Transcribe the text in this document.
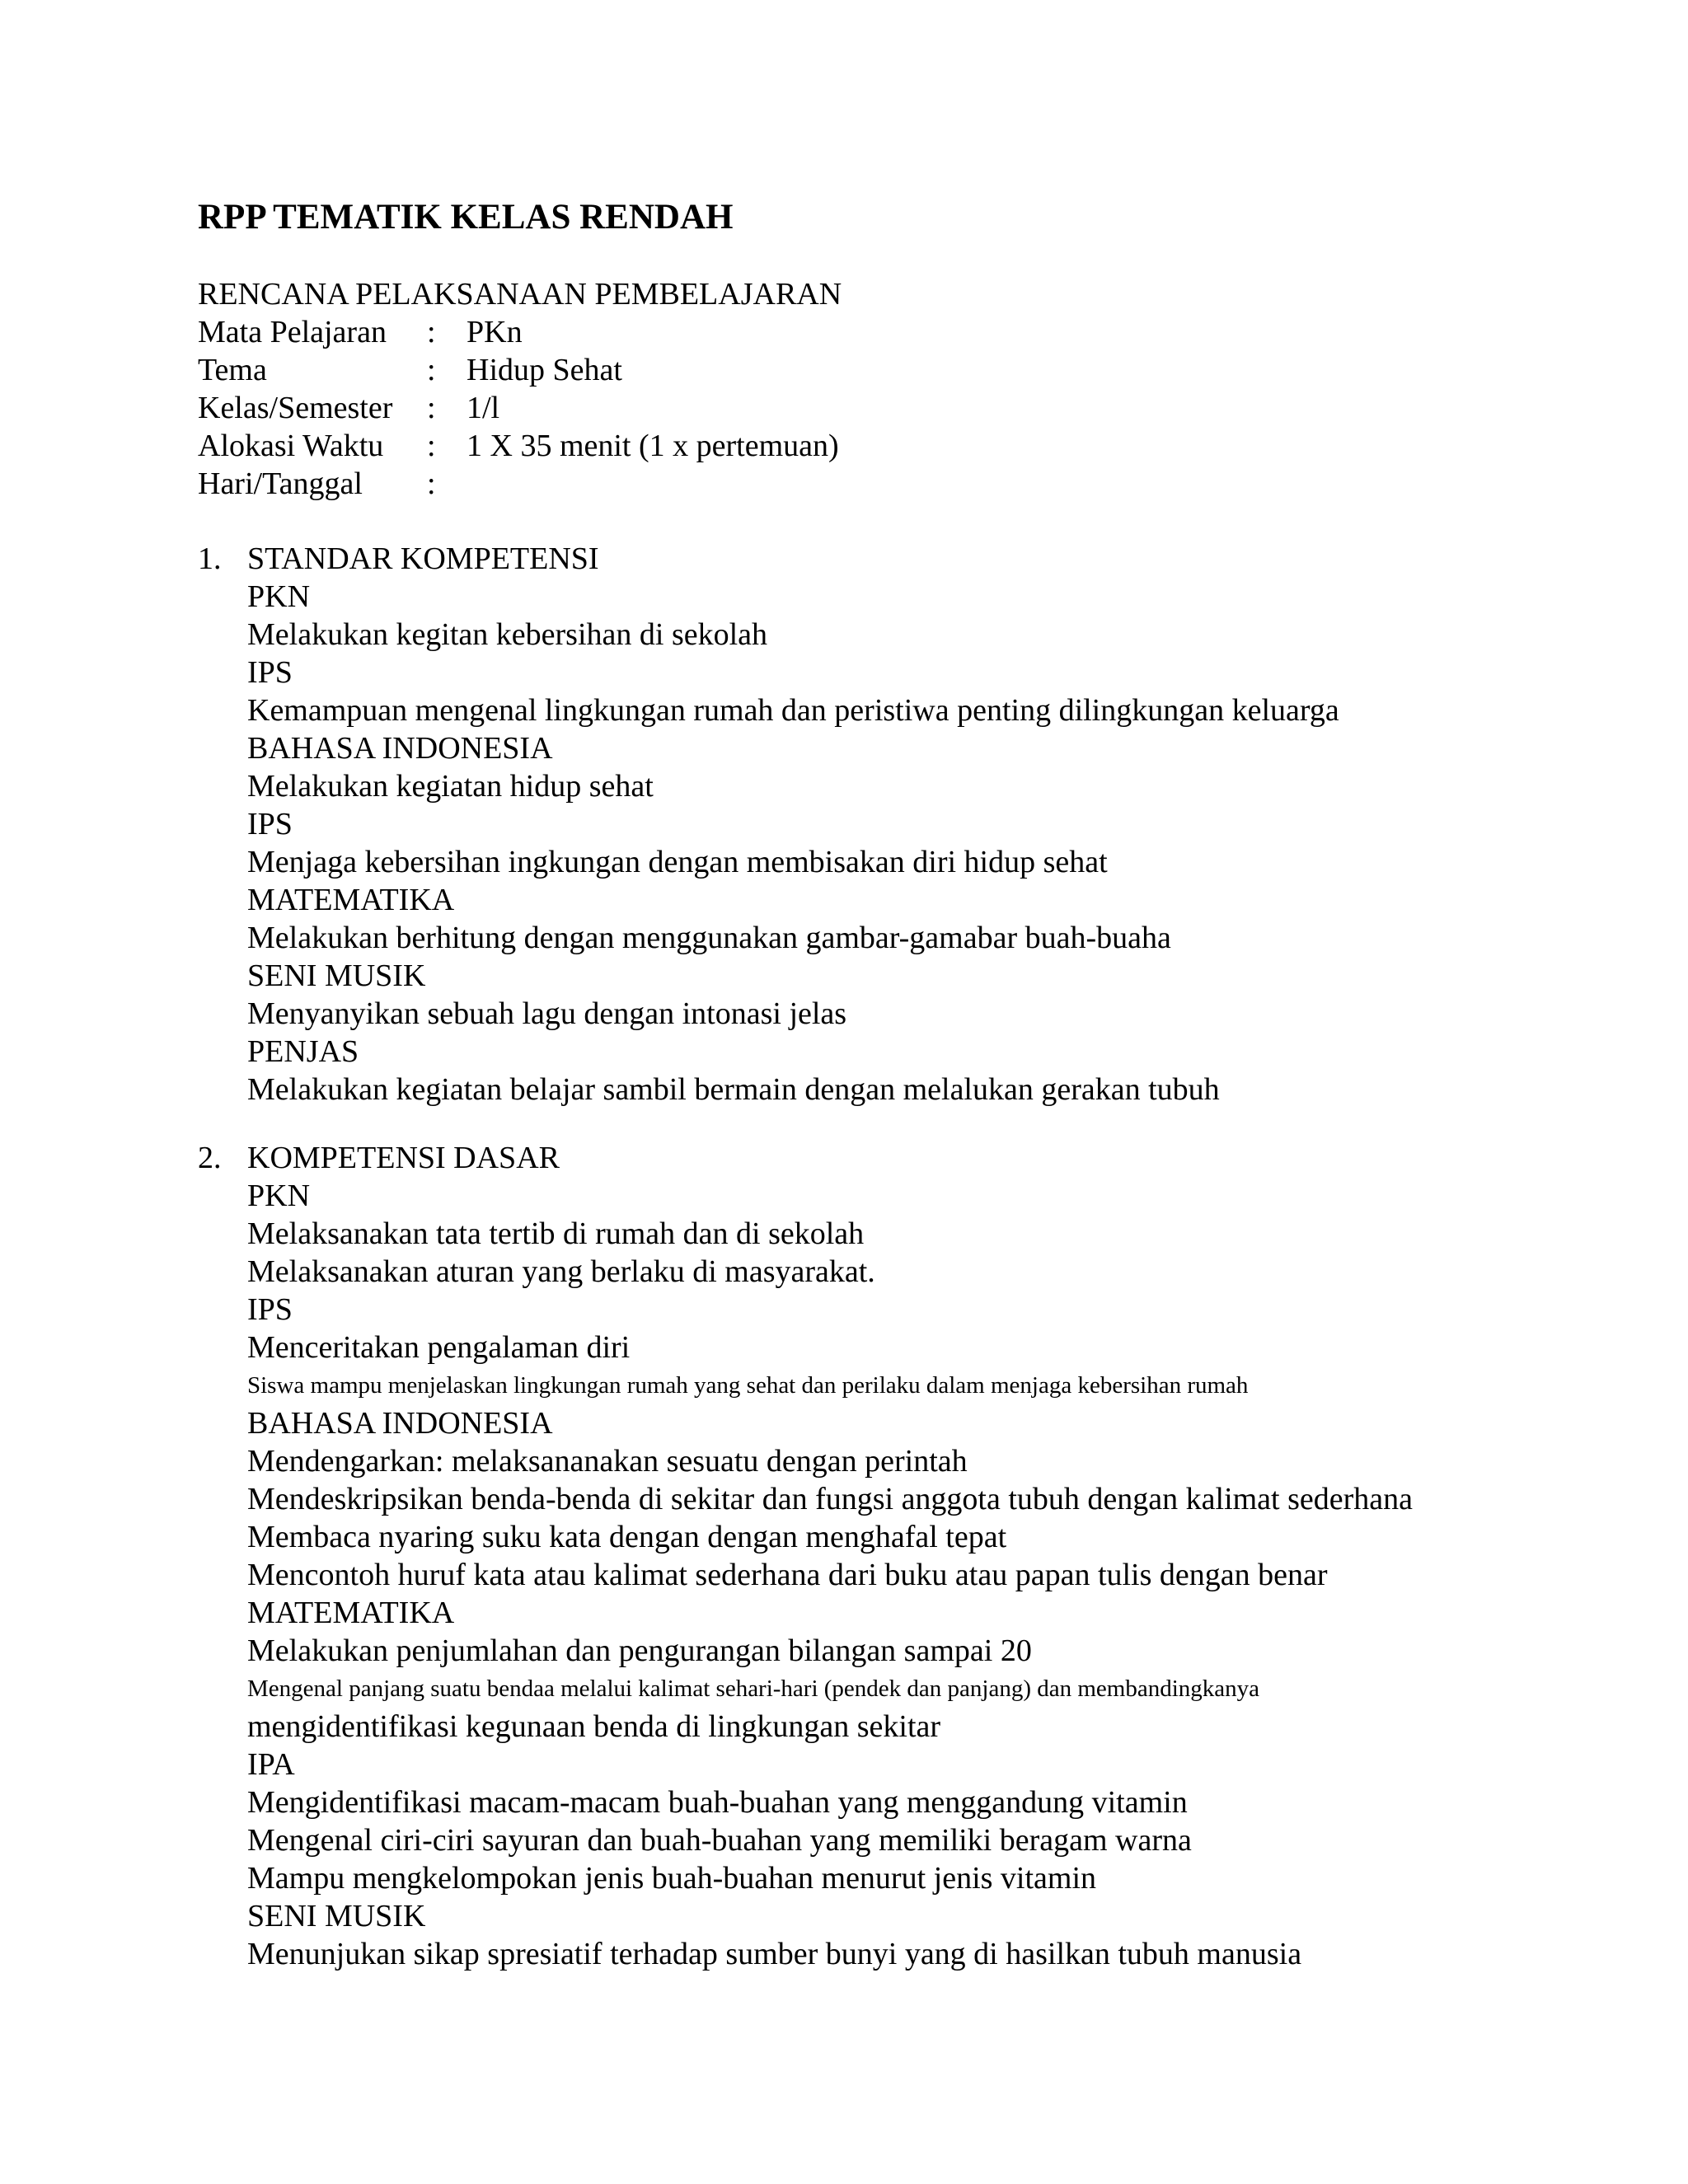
RPP TEMATIK KELAS RENDAH
RENCANA PELAKSANAAN PEMBELAJARAN
Mata Pelajaran	: PKn
Tema	: Hidup Sehat
Kelas/Semester	: 1/l
Alokasi Waktu	: 1 X 35 menit (1 x pertemuan)
Hari/Tanggal	:
1. STANDAR KOMPETENSI
PKN
Melakukan kegitan kebersihan di sekolah
IPS
Kemampuan mengenal lingkungan rumah dan peristiwa penting dilingkungan keluarga
BAHASA INDONESIA
Melakukan kegiatan hidup sehat
IPS
Menjaga kebersihan ingkungan dengan membisakan diri hidup sehat
MATEMATIKA
Melakukan berhitung dengan menggunakan gambar-gamabar buah-buaha
SENI MUSIK
Menyanyikan sebuah lagu dengan intonasi jelas
PENJAS
Melakukan kegiatan belajar sambil bermain dengan melalukan gerakan tubuh
2. KOMPETENSI DASAR
PKN
Melaksanakan tata tertib di rumah dan di sekolah
Melaksanakan aturan yang berlaku di masyarakat.
IPS
Menceritakan pengalaman diri
Siswa mampu menjelaskan lingkungan rumah yang sehat dan perilaku dalam menjaga kebersihan rumah
BAHASA INDONESIA
Mendengarkan: melaksananakan sesuatu dengan perintah
Mendeskripsikan benda-benda di sekitar dan fungsi anggota tubuh dengan kalimat sederhana
Membaca nyaring suku kata dengan dengan menghafal tepat
Mencontoh huruf kata atau kalimat sederhana dari buku atau papan tulis dengan benar
MATEMATIKA
Melakukan penjumlahan dan pengurangan bilangan sampai 20
Mengenal panjang suatu bendaa melalui kalimat sehari-hari (pendek dan panjang) dan membandingkanya
mengidentifikasi kegunaan benda di lingkungan sekitar
IPA
Mengidentifikasi macam-macam buah-buahan yang menggandung vitamin
Mengenal ciri-ciri sayuran dan buah-buahan yang memiliki beragam warna
Mampu mengkelompokan jenis buah-buahan menurut jenis vitamin
SENI MUSIK
Menunjukan sikap spresiatif terhadap sumber bunyi yang di hasilkan tubuh manusia
